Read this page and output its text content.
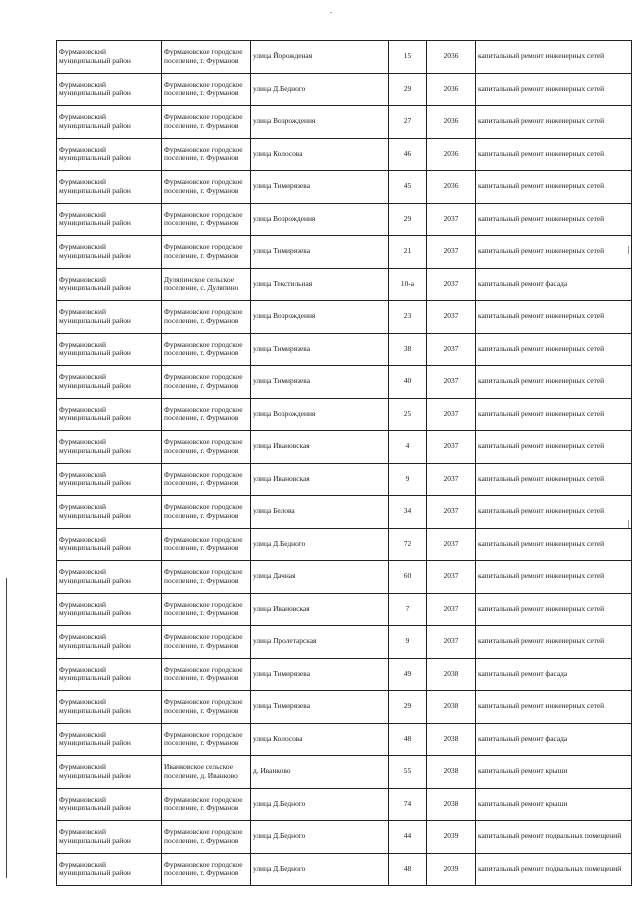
-
Фурмановский муниципальный район	Фурмановское городское поселение, г. Фурманов	улица Йорожденая	15	2036	капитальный ремонт инженерных сетей
Фурмановский муниципальный район	Фурмановское городское поселение, г. Фурманов	улица Д.Бедного	29	2036	капитальный ремонт инженерных сетей
Фурмановский муниципальный район	Фурмановское городское поселение, г. Фурманов	улица Возрождения	27	2036	капитальный ремонт инженерных сетей
Фурмановский муниципальный район	Фурмановское городское поселение, г. Фурманов	улица Колосова	46	2036	капитальный ремонт инженерных сетей
Фурмановский муниципальный район	Фурмановское городское поселение, г. Фурманов	улица Тимирязева	45	2036	капитальный ремонт инженерных сетей
Фурмановский муниципальный район	Фурмановское городское поселение, г. Фурманов	улица Возрождения	29	2037	капитальный ремонт инженерных сетей
Фурмановский муниципальный район	Фурмановское городское поселение, г. Фурманов	улица Тимирязева	21	2037	капитальный ремонт инженерных сетей
Фурмановский муниципальный район	Дуляпинское сельское поселение, с. Дуляпино	улица Текстильная	10-а	2037	капитальный ремонт фасада
Фурмановский муниципальный район	Фурмановское городское поселение, г. Фурманов	улица Возрождения	23	2037	капитальный ремонт инженерных сетей
Фурмановский муниципальный район	Фурмановское городское поселение, г. Фурманов	улица Тимирязева	38	2037	капитальный ремонт инженерных сетей
Фурмановский муниципальный район	Фурмановское городское поселение, г. Фурманов	улица Тимирязева	40	2037	капитальный ремонт инженерных сетей
Фурмановский муниципальный район	Фурмановское городское поселение, г. Фурманов	улица Возрождения	25	2037	капитальный ремонт инженерных сетей
Фурмановский муниципальный район	Фурмановское городское поселение, г. Фурманов	улица Ивановская	4	2037	капитальный ремонт инженерных сетей
Фурмановский муниципальный район	Фурмановское городское поселение, г. Фурманов	улица Ивановская	9	2037	капитальный ремонт инженерных сетей
Фурмановский муниципальный район	Фурмановское городское поселение, г. Фурманов	улица Белова	34	2037	капитальный ремонт инженерных сетей
Фурмановский муниципальный район	Фурмановское городское поселение, г. Фурманов	улица Д.Бедного	72	2037	капитальный ремонт инженерных сетей
Фурмановский муниципальный район	Фурмановское городское поселение, г. Фурманов	улица Дачная	60	2037	капитальный ремонт инженерных сетей
Фурмановский муниципальный район	Фурмановское городское поселение, г. Фурманов	улица Ивановская	7	2037	капитальный ремонт инженерных сетей
Фурмановский муниципальный район	Фурмановское городское поселение, г. Фурманов	улица Пролетарская	9	2037	капитальный ремонт инженерных сетей
Фурмановский муниципальный район	Фурмановское городское поселение, г. Фурманов	улица Тимирязева	49	2038	капитальный ремонт фасада
Фурмановский муниципальный район	Фурмановское городское поселение, г. Фурманов	улица Тимирязева	29	2038	капитальный ремонт инженерных сетей
Фурмановский муниципальный район	Фурмановское городское поселение, г. Фурманов	улица Колосова	48	2038	капитальный ремонт фасада
Фурмановский муниципальный район	Иванковское сельское поселение, д. Иванково	д. Иванково	55	2038	капитальный ремонт крыши
Фурмановский муниципальный район	Фурмановское городское поселение, г. Фурманов	улица Д.Бедного	74	2038	капитальный ремонт крыши
Фурмановский муниципальный район	Фурмановское городское поселение, г. Фурманов	улица Д.Бедного	44	2039	капитальный ремонт подвальных помещений
Фурмановский муниципальный район	Фурмановское городское поселение, г. Фурманов	улица Д.Бедного	48	2039	капитальный ремонт подвальных помещений
